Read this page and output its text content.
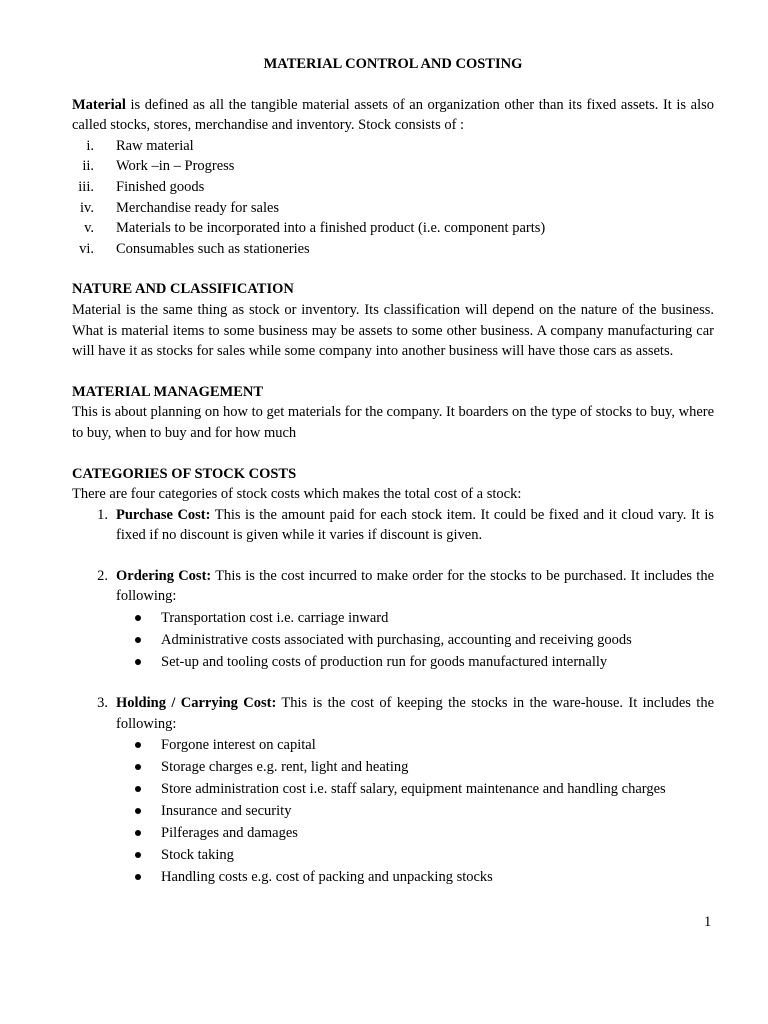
MATERIAL CONTROL AND COSTING

Material is defined as all the tangible material assets of an organization other than its fixed assets. It is also called stocks, stores, merchandise and inventory. Stock consists of :

i. Raw material
ii. Work –in – Progress
iii. Finished goods
iv. Merchandise ready for sales
v. Materials to be incorporated into a finished product (i.e. component parts)
vi. Consumables such as stationeries

NATURE AND CLASSIFICATION

Material is the same thing as stock or inventory. Its classification will depend on the nature of the business. What is material items to some business may be assets to some other business. A company manufacturing car will have it as stocks for sales while some company into another business will have those cars as assets.

MATERIAL MANAGEMENT

This is about planning on how to get materials for the company. It boarders on the type of stocks to buy, where to buy, when to buy and for how much

CATEGORIES OF STOCK COSTS

There are four categories of stock costs which makes the total cost of a stock:

1. Purchase Cost: This is the amount paid for each stock item. It could be fixed and it cloud vary. It is fixed if no discount is given while it varies if discount is given.
2. Ordering Cost: This is the cost incurred to make order for the stocks to be purchased. It includes the following:
Transportation cost i.e. carriage inward
Administrative costs associated with purchasing, accounting and receiving goods
Set-up and tooling costs of production run for goods manufactured internally
3. Holding / Carrying Cost: This is the cost of keeping the stocks in the ware-house. It includes the following:
Forgone interest on capital
Storage charges e.g. rent, light and heating
Store administration cost i.e. staff salary, equipment maintenance and handling charges
Insurance and security
Pilferages and damages
Stock taking
Handling costs e.g. cost of packing and unpacking stocks
1
